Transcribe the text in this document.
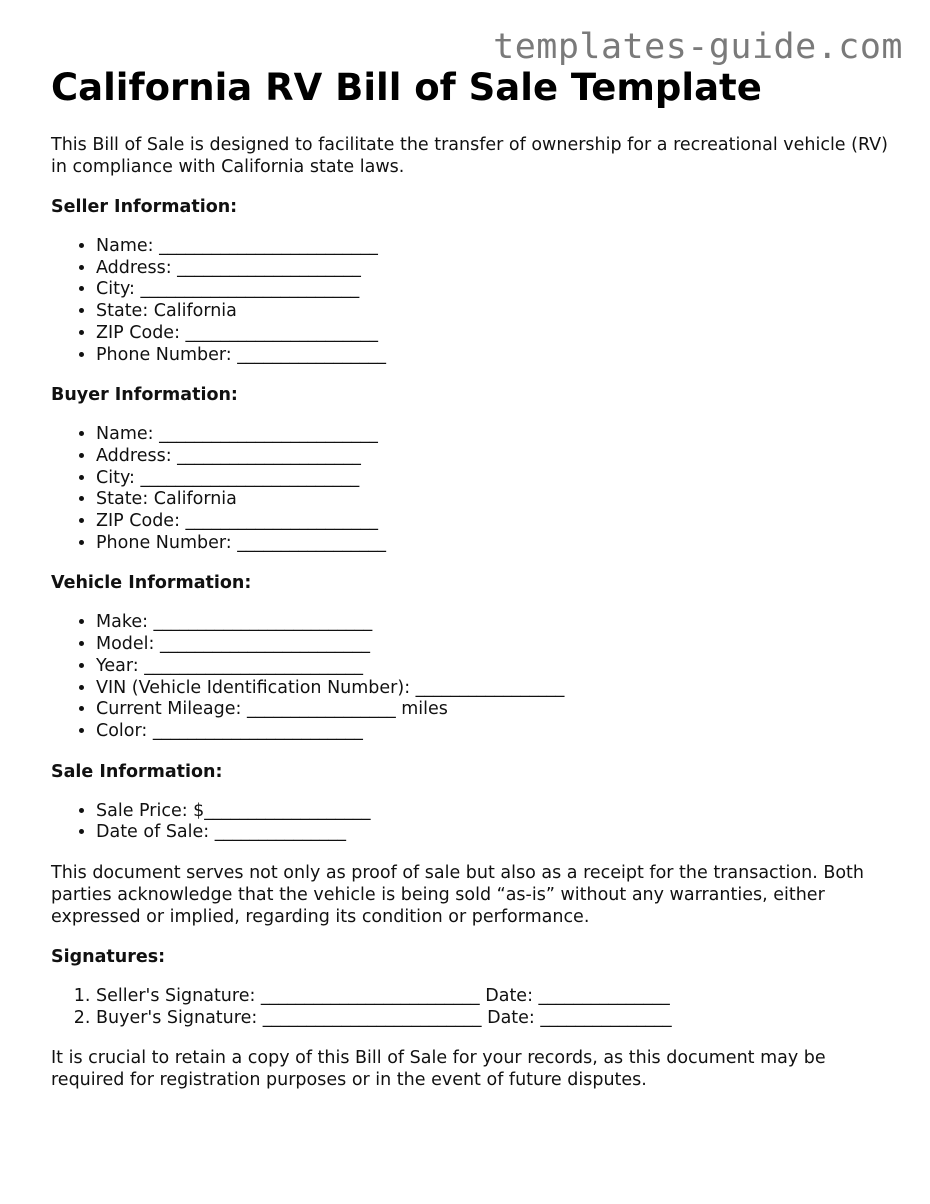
templates-guide.com
California RV Bill of Sale Template

This Bill of Sale is designed to facilitate the transfer of ownership for a recreational vehicle (RV) in compliance with California state laws.

Seller Information:
• Name: _________________________
• Address: _____________________
• City: _________________________
• State: California
• ZIP Code: ______________________
• Phone Number: _________________
Buyer Information:
• Name: _________________________
• Address: _____________________
• City: _________________________
• State: California
• ZIP Code: ______________________
• Phone Number: _________________
Vehicle Information:
• Make: _________________________
• Model: ________________________
• Year: _________________________
• VIN (Vehicle Identification Number): _________________
• Current Mileage: _________________ miles
• Color: ________________________
Sale Information:
• Sale Price: $___________________
• Date of Sale: _______________

This document serves not only as proof of sale but also as a receipt for the transaction. Both parties acknowledge that the vehicle is being sold “as-is” without any warranties, either expressed or implied, regarding its condition or performance.

Signatures:
1. Seller's Signature: _________________________ Date: _______________
2. Buyer's Signature: _________________________ Date: _______________

It is crucial to retain a copy of this Bill of Sale for your records, as this document may be required for registration purposes or in the event of future disputes.
